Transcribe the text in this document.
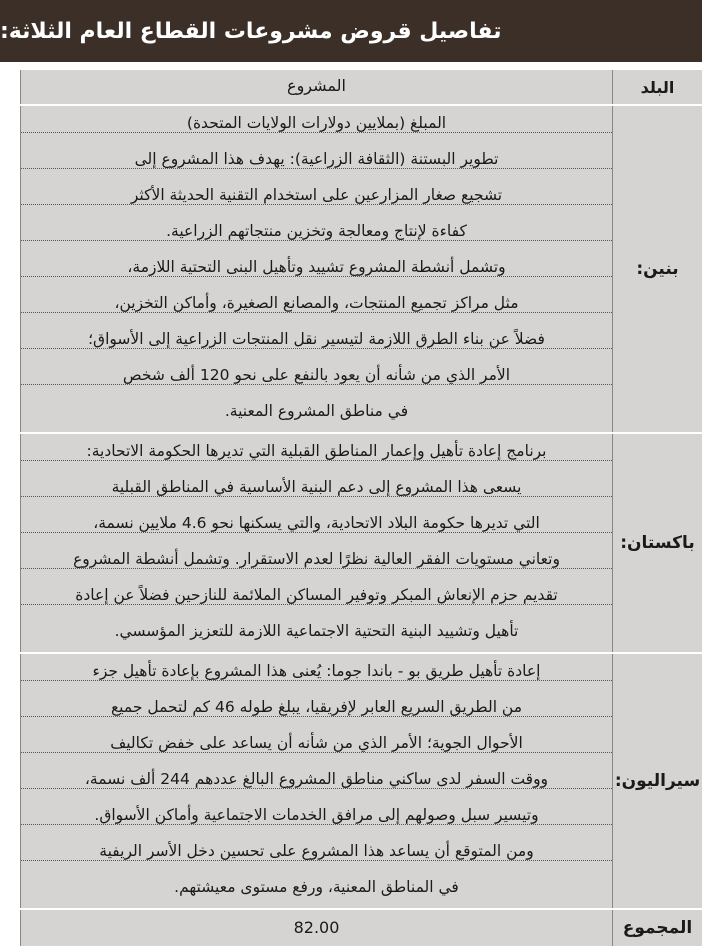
تفاصيل قروض مشروعات القطاع العام الثلاثة:
البلد
المشروع
بنين:
المبلغ (بملايين دولارات الولايات المتحدة)
تطوير البستنة (الثقافة الزراعية): يهدف هذا المشروع إلى
تشجيع صغار المزارعين على استخدام التقنية الحديثة الأكثر
كفاءة لإنتاج ومعالجة وتخزين منتجاتهم الزراعية.
وتشمل أنشطة المشروع تشييد وتأهيل البنى التحتية اللازمة،
مثل مراكز تجميع المنتجات، والمصانع الصغيرة، وأماكن التخزين،
فضلاً عن بناء الطرق اللازمة لتيسير نقل المنتجات الزراعية إلى الأسواق؛
الأمر الذي من شأنه أن يعود بالنفع على نحو 120 ألف شخص
في مناطق المشروع المعنية.
باكستان:
برنامج إعادة تأهيل وإعمار المناطق القبلية التي تديرها الحكومة الاتحادية:
يسعى هذا المشروع إلى دعم البنية الأساسية في المناطق القبلية
التي تديرها حكومة البلاد الاتحادية، والتي يسكنها نحو 4.6 ملايين نسمة،
وتعاني مستويات الفقر العالية نظرًا لعدم الاستقرار. وتشمل أنشطة المشروع
تقديم حزم الإنعاش المبكر وتوفير المساكن الملائمة للنازحين فضلاً عن إعادة
تأهيل وتشييد البنية التحتية الاجتماعية اللازمة للتعزيز المؤسسي.
سيراليون:
إعادة تأهيل طريق بو - باندا جوما: يُعنى هذا المشروع بإعادة تأهيل جزء
من الطريق السريع العابر لإفريقيا، يبلغ طوله 46 كم لتحمل جميع
الأحوال الجوية؛ الأمر الذي من شأنه أن يساعد على خفض تكاليف
ووقت السفر لدى ساكني مناطق المشروع البالغ عددهم 244 ألف نسمة،
وتيسير سبل وصولهم إلى مرافق الخدمات الاجتماعية وأماكن الأسواق.
ومن المتوقع أن يساعد هذا المشروع على تحسين دخل الأسر الريفية
في المناطق المعنية، ورفع مستوى معيشتهم.
المجموع
82.00
